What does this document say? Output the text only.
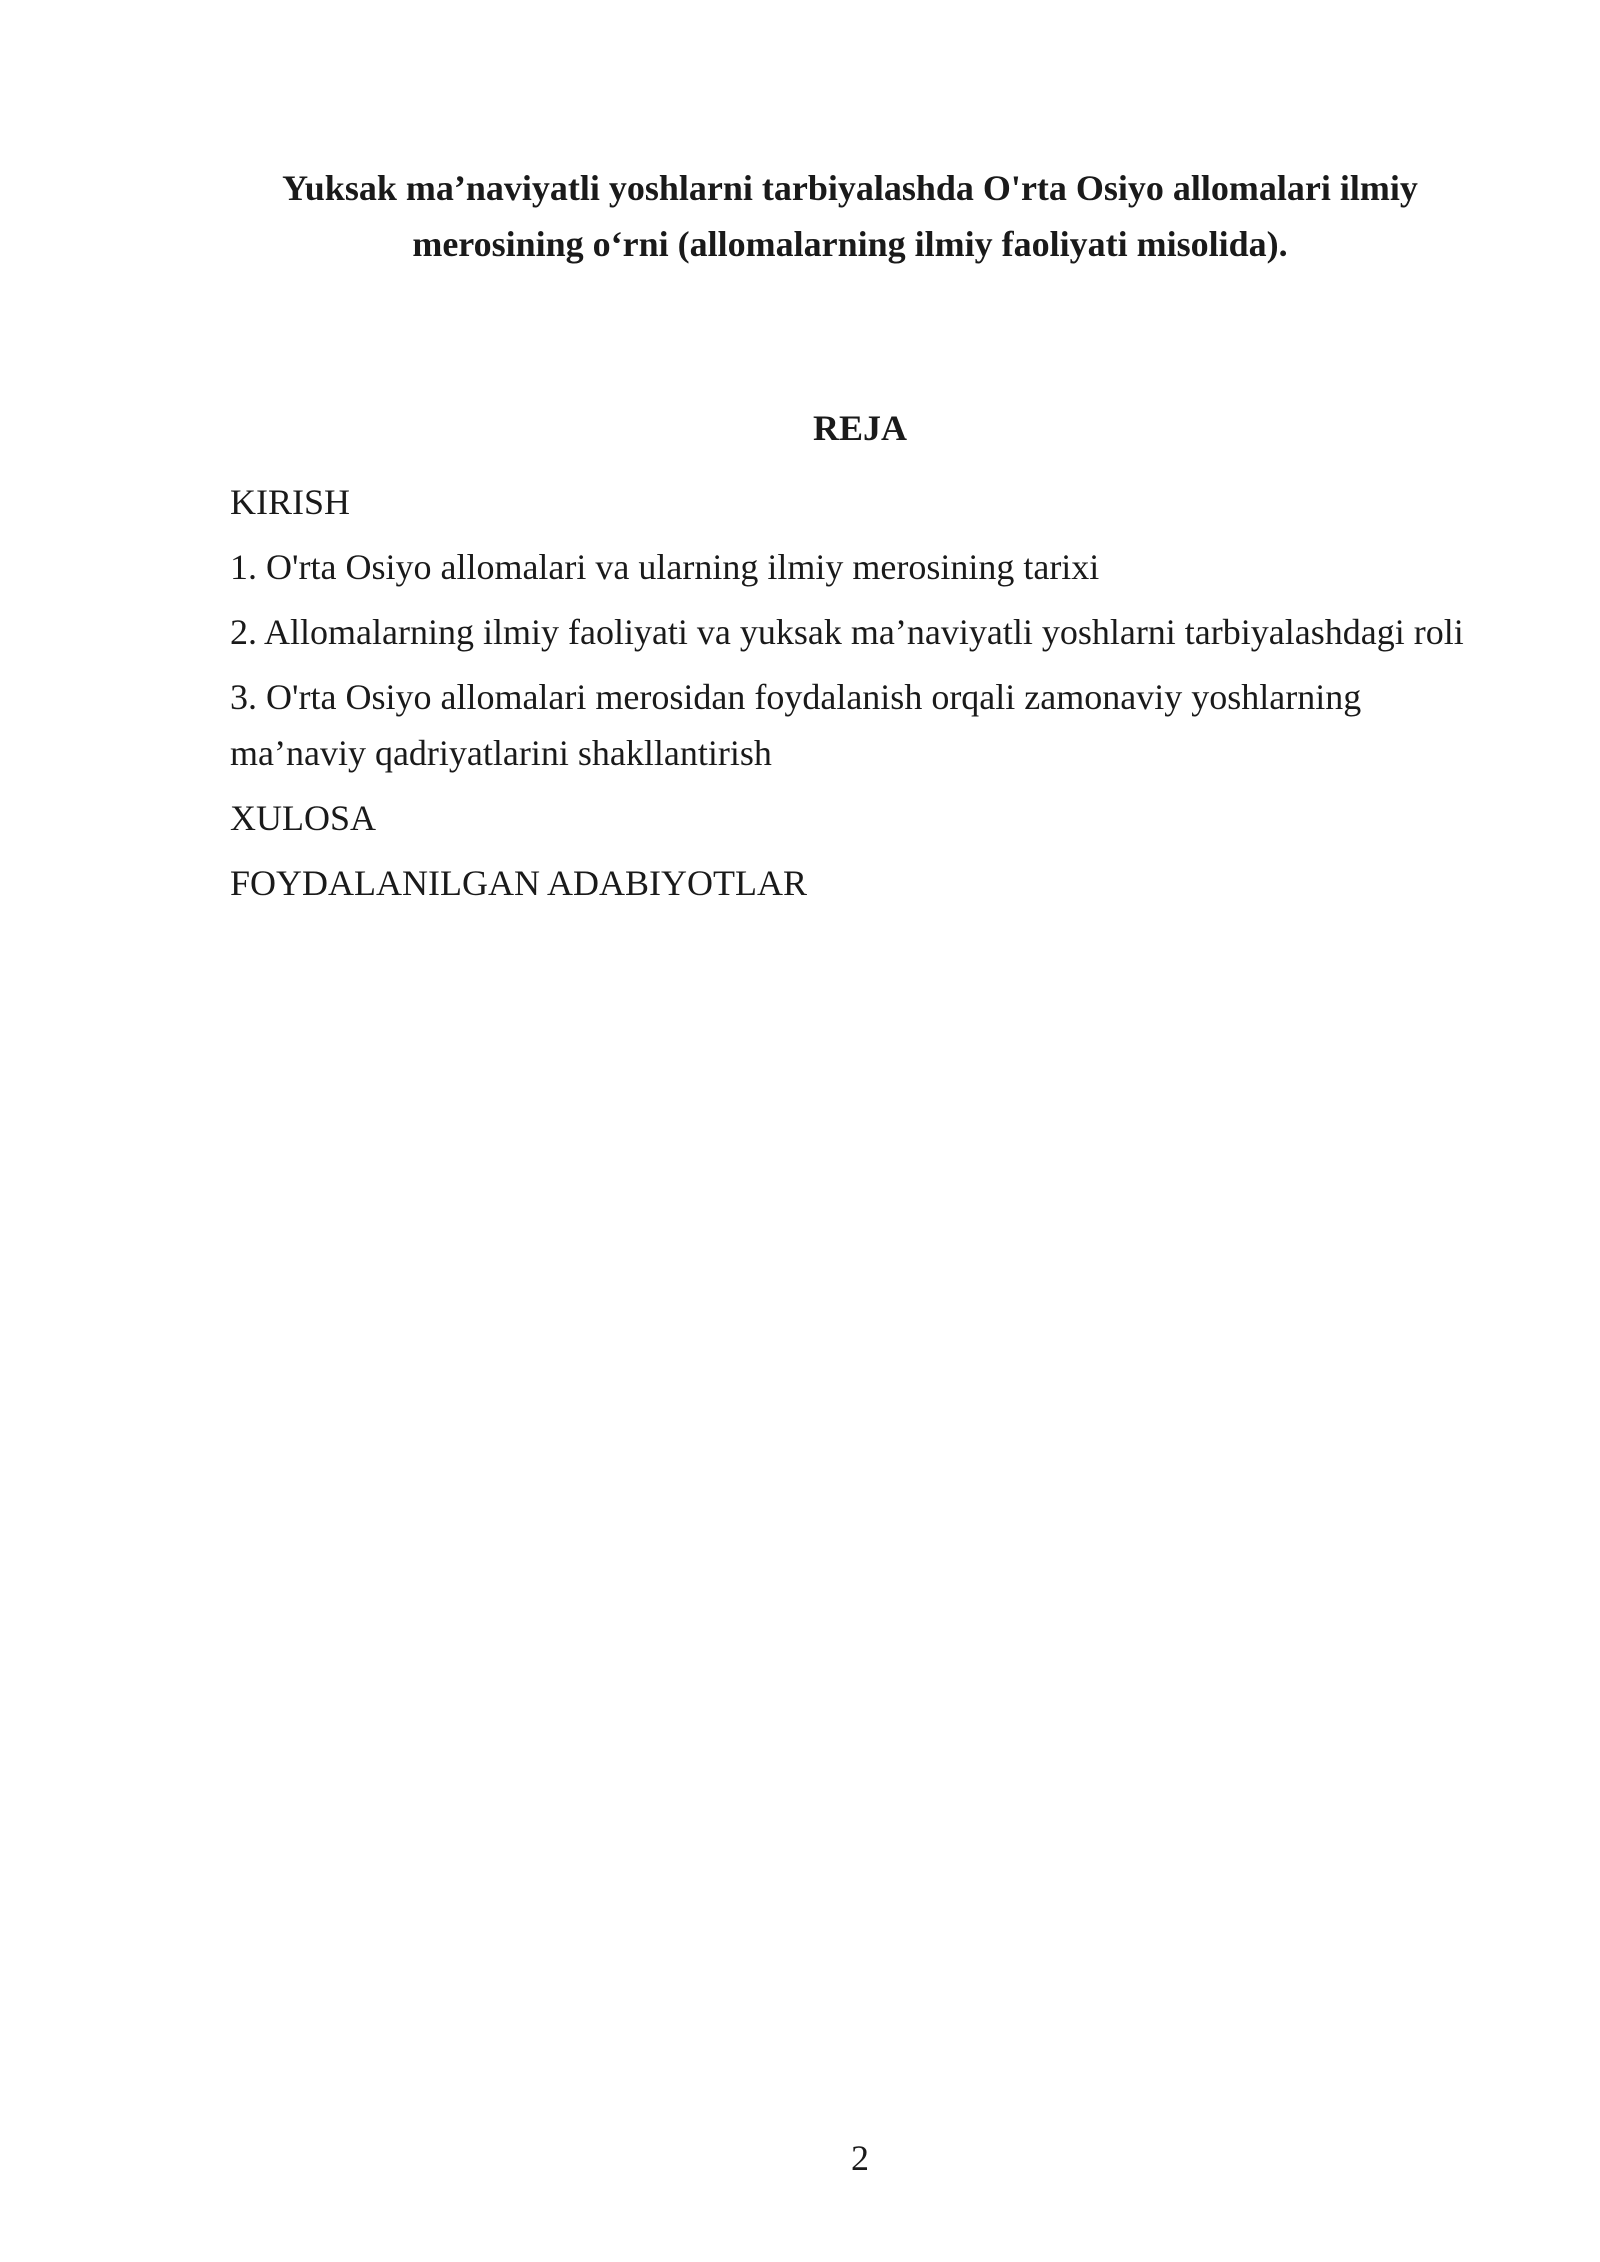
Yuksak ma’naviyatli yoshlarni tarbiyalashda O'rta Osiyo allomalari ilmiy merosining o‘rni (allomalarning ilmiy faoliyati misolida).
REJA
KIRISH
1. O'rta Osiyo allomalari va ularning ilmiy merosining tarixi
2. Allomalarning ilmiy faoliyati va yuksak ma’naviyatli yoshlarni tarbiyalashdagi roli
3. O'rta Osiyo allomalari merosidan foydalanish orqali zamonaviy yoshlarning ma’naviy qadriyatlarini shakllantirish
XULOSA
FOYDALANILGAN ADABIYOTLAR
2
